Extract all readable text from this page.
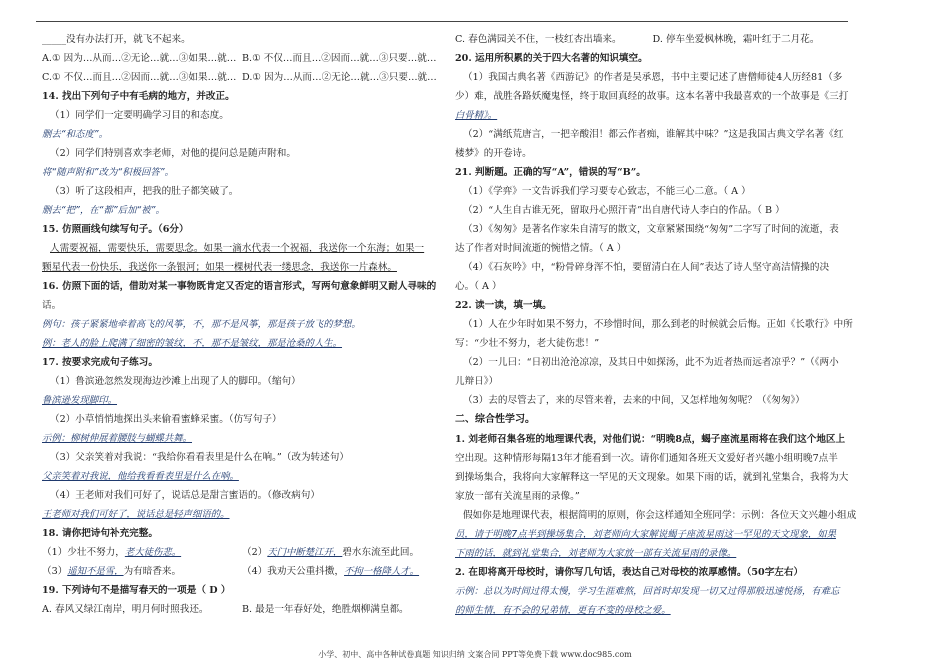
_____没有办法打开，就飞不起来。
A.① 因为…从而…②无论…就…③如果…就… B.① 不仅…而且…②因而…就…③只要…就…
C.① 不仅…而且…②因而…就…③如果…就… D.① 因为…从而…②无论…就…③只要…就…
14. 找出下列句子中有毛病的地方，并改正。
（1）同学们一定要明确学习目的和态度。
删去“和态度”。
（2）同学们特别喜欢李老师，对他的提问总是随声附和。
将“随声附和”改为“积极回答”。
（3）听了这段相声，把我的肚子都笑破了。
删去“把”，在“都”后加“被”。
15. 仿照画线句续写句子。（6分）
人需要祝福，需要快乐，需要思念。如果一滴水代表一个祝福，我送你一个东海；如果一
颗星代表一份快乐，我送你一条银河；如果一棵树代表一缕思念，我送你一片森林。
16. 仿照下面的话，借助对某一事物既肯定又否定的语言形式，写两句意象鲜明又耐人寻味的
话。
例句：孩子紧紧地牵着高飞的风筝，不，那不是风筝，那是孩子放飞的梦想。
例：老人的脸上爬满了细密的皱纹，不，那不是皱纹，那是沧桑的人生。
17. 按要求完成句子练习。
（1）鲁滨逊忽然发现海边沙滩上出现了人的脚印。（缩句）
鲁滨逊发现脚印。
（2）小草悄悄地探出头来偷看蜜蜂采蜜。（仿写句子）
示例：柳树伸展着腰肢与蝴蝶共舞。
（3）父亲笑着对我说：“我给你看看表里是什么在响。”（改为转述句）
父亲笑着对我说，他给我看看表里是什么在响。
（4）王老师对我们可好了，说话总是甜言蜜语的。（修改病句）
王老师对我们可好了，说话总是轻声细语的。
18. 请你把诗句补充完整。
（1）少壮不努力，老大徒伤悲。	（2）天门中断楚江开，碧水东流至此回。
（3）遥知不是雪，为有暗香来。	（4）我劝天公重抖擞，不拘一格降人才。
19. 下列诗句不是描写春天的一项是（ D ）
A. 春风又绿江南岸，明月何时照我还。	B. 最是一年春好处，绝胜烟柳满皇都。
C. 春色满园关不住，一枝红杏出墙来。	D. 停车坐爱枫林晚，霜叶红于二月花。
20. 运用所积累的关于四大名著的知识填空。
（1）我国古典名著《西游记》的作者是吴承恩，书中主要记述了唐僧师徒4人历经81（多
少）难，战胜各路妖魔鬼怪，终于取回真经的故事。这本名著中我最喜欢的一个故事是《三打
白骨精》。
（2）“满纸荒唐言，一把辛酸泪！都云作者痴，谁解其中味？”这是我国古典文学名著《红
楼梦》的开卷诗。
21. 判断题。正确的写“A”，错误的写“B”。
（1）《学弈》一文告诉我们学习要专心致志，不能三心二意。（ A ）
（2）“人生自古谁无死，留取丹心照汗青”出自唐代诗人李白的作品。（ B ）
（3）《匆匆》是著名作家朱自清写的散文，文章紧紧围绕“匆匆”二字写了时间的流逝，表
达了作者对时间流逝的惋惜之情。（ A ）
（4）《石灰吟》中，“粉骨碎身浑不怕，要留清白在人间”表达了诗人坚守高洁情操的决
心。（ A ）
22. 读一读，填一填。
（1）人在少年时如果不努力，不珍惜时间，那么到老的时候就会后悔。正如《长歌行》中所
写：“少壮不努力，老大徒伤悲！”
（2）一儿曰：“日初出沧沧凉凉，及其日中如探汤，此不为近者热而远者凉乎？”（《两小
儿辩日》）
（3）去的尽管去了，来的尽管来着，去来的中间，又怎样地匆匆呢？（《匆匆》）
二、综合性学习。
1. 刘老师召集各班的地理课代表，对他们说：“明晚8点，蝎子座流星雨将在我们这个地区上
空出现。这种情形每隔13年才能看到一次。请你们通知各班天文爱好者兴趣小组明晚7点半
到操场集合，我将向大家解释这一罕见的天文现象。如果下雨的话，就到礼堂集合，我将为大
家放一部有关流星雨的录像。”
假如你是地理课代表，根据简明的原则，你会这样通知全班同学：示例：各位天文兴趣小组成
员，请于明晚7点半到操场集合，刘老师向大家解说蝎子座流星雨这一罕见的天文现象，如果
下雨的话，就到礼堂集合，刘老师为大家放一部有关流星雨的录像。
2. 在即将离开母校时，请你写几句话，表达自己对母校的浓厚感情。（50字左右）
示例：总以为时间过得太慢，学习生涯难熬，回首时却发现一切又过得那般迅速悦扬，有难忘
的师生情，有不会的兄弟情，更有不变的母校之爱。
小学、初中、高中各种试卷真题 知识归纳 文案合同 PPT等免费下载 www.doc985.com
